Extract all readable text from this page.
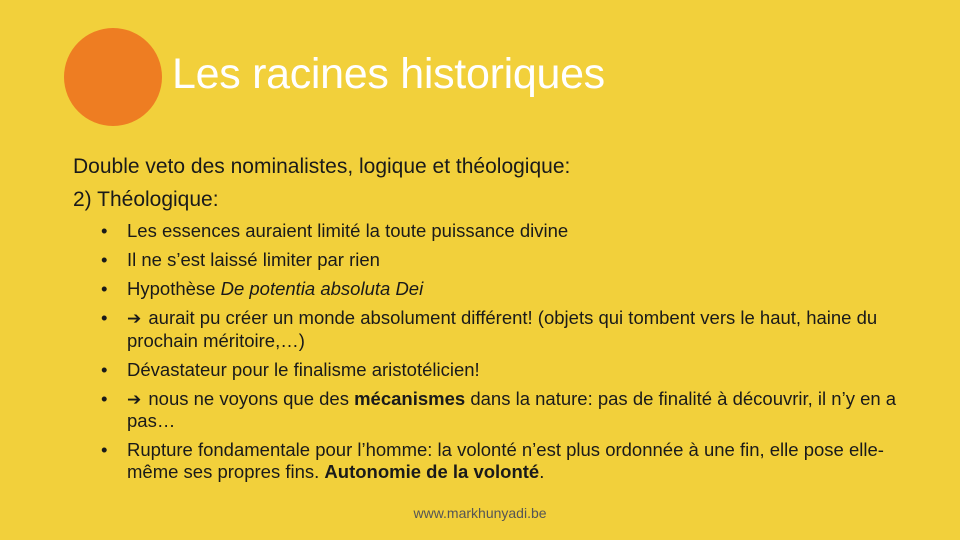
Les racines historiques
Double veto des nominalistes, logique et théologique:
2) Théologique:
• Les essences auraient limité la toute puissance divine
• Il ne s’est laissé limiter par rien
• Hypothèse De potentia absoluta Dei
• ➔ aurait pu créer un monde absolument différent! (objets qui tombent vers le haut, haine du prochain méritoire,…)
• Dévastateur pour le finalisme aristotélicien!
• ➔ nous ne voyons que des mécanismes dans la nature: pas de finalité à découvrir, il n’y en a pas…
• Rupture fondamentale pour l’homme: la volonté n’est plus ordonnée à une fin, elle pose elle-même ses propres fins. Autonomie de la volonté.
www.markhunyadi.be
